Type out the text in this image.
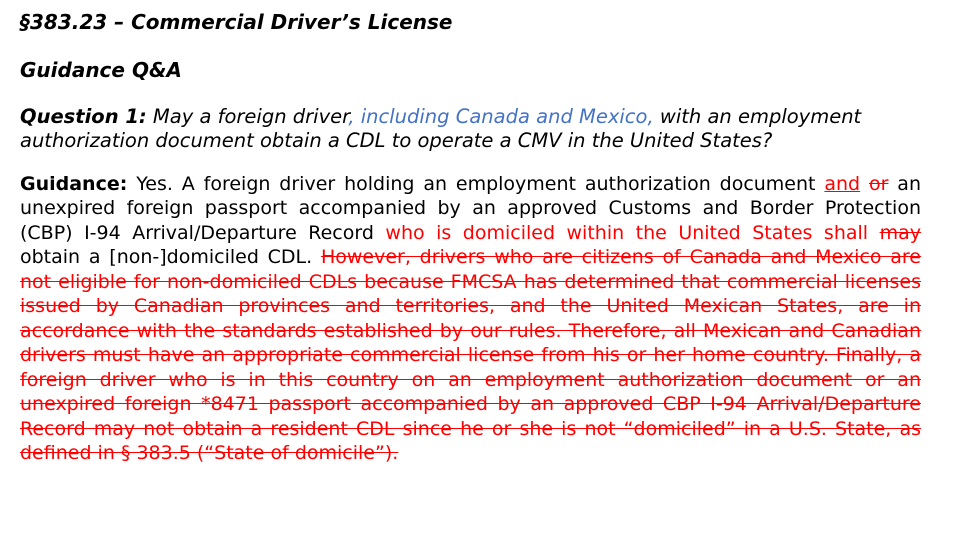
§383.23 – Commercial Driver’s License

Guidance Q&A

Question 1: May a foreign driver, including Canada and Mexico, with an employment authorization document obtain a CDL to operate a CMV in the United States?

Guidance: Yes. A foreign driver holding an employment authorization document and or an unexpired foreign passport accompanied by an approved Customs and Border Protection (CBP) I-94 Arrival/Departure Record who is domiciled within the United States shall may obtain a [non-]domiciled CDL. However, drivers who are citizens of Canada and Mexico are not eligible for non-domiciled CDLs because FMCSA has determined that commercial licenses issued by Canadian provinces and territories, and the United Mexican States, are in accordance with the standards established by our rules. Therefore, all Mexican and Canadian drivers must have an appropriate commercial license from his or her home country. Finally, a foreign driver who is in this country on an employment authorization document or an unexpired foreign *8471 passport accompanied by an approved CBP I-94 Arrival/Departure Record may not obtain a resident CDL since he or she is not “domiciled” in a U.S. State, as defined in § 383.5 (“State of domicile”).
